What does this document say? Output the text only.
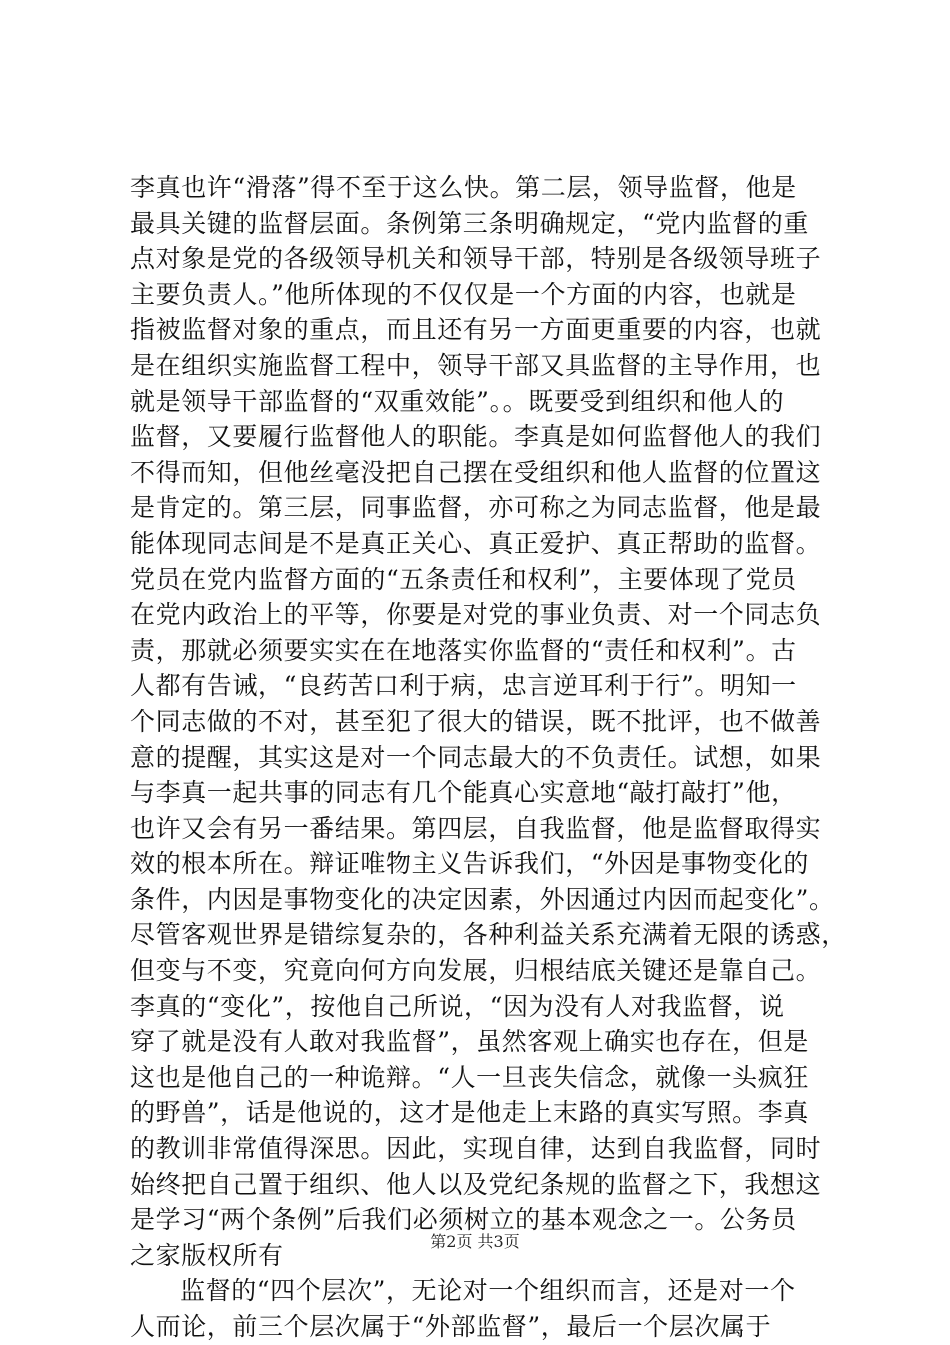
李真也许“滑落”得不至于这么快。第二层，领导监督，他是
最具关键的监督层面。条例第三条明确规定，“党内监督的重
点对象是党的各级领导机关和领导干部，特别是各级领导班子
主要负责人。”他所体现的不仅仅是一个方面的内容，也就是
指被监督对象的重点，而且还有另一方面更重要的内容，也就
是在组织实施监督工程中，领导干部又具监督的主导作用，也
就是领导干部监督的“双重效能”。。既要受到组织和他人的
监督，又要履行监督他人的职能。李真是如何监督他人的我们
不得而知，但他丝毫没把自己摆在受组织和他人监督的位置这
是肯定的。第三层，同事监督，亦可称之为同志监督，他是最
能体现同志间是不是真正关心、真正爱护、真正帮助的监督。
党员在党内监督方面的“五条责任和权利”，主要体现了党员
在党内政治上的平等，你要是对党的事业负责、对一个同志负
责，那就必须要实实在在地落实你监督的“责任和权利”。古
人都有告诫，“良药苦口利于病，忠言逆耳利于行”。明知一
个同志做的不对，甚至犯了很大的错误，既不批评，也不做善
意的提醒，其实这是对一个同志最大的不负责任。试想，如果
与李真一起共事的同志有几个能真心实意地“敲打敲打”他，
也许又会有另一番结果。第四层，自我监督，他是监督取得实
效的根本所在。辩证唯物主义告诉我们，“外因是事物变化的
条件，内因是事物变化的决定因素，外因通过内因而起变化”。
尽管客观世界是错综复杂的，各种利益关系充满着无限的诱惑，
但变与不变，究竟向何方向发展，归根结底关键还是靠自己。
李真的“变化”，按他自己所说，“因为没有人对我监督，说
穿了就是没有人敢对我监督”，虽然客观上确实也存在，但是
这也是他自己的一种诡辩。“人一旦丧失信念，就像一头疯狂
的野兽”，话是他说的，这才是他走上末路的真实写照。李真
的教训非常值得深思。因此，实现自律，达到自我监督，同时
始终把自己置于组织、他人以及党纪条规的监督之下，我想这
是学习“两个条例”后我们必须树立的基本观念之一。公务员
之家版权所有
监督的“四个层次”，无论对一个组织而言，还是对一个
人而论，前三个层次属于“外部监督”，最后一个层次属于
第2页 共3页
